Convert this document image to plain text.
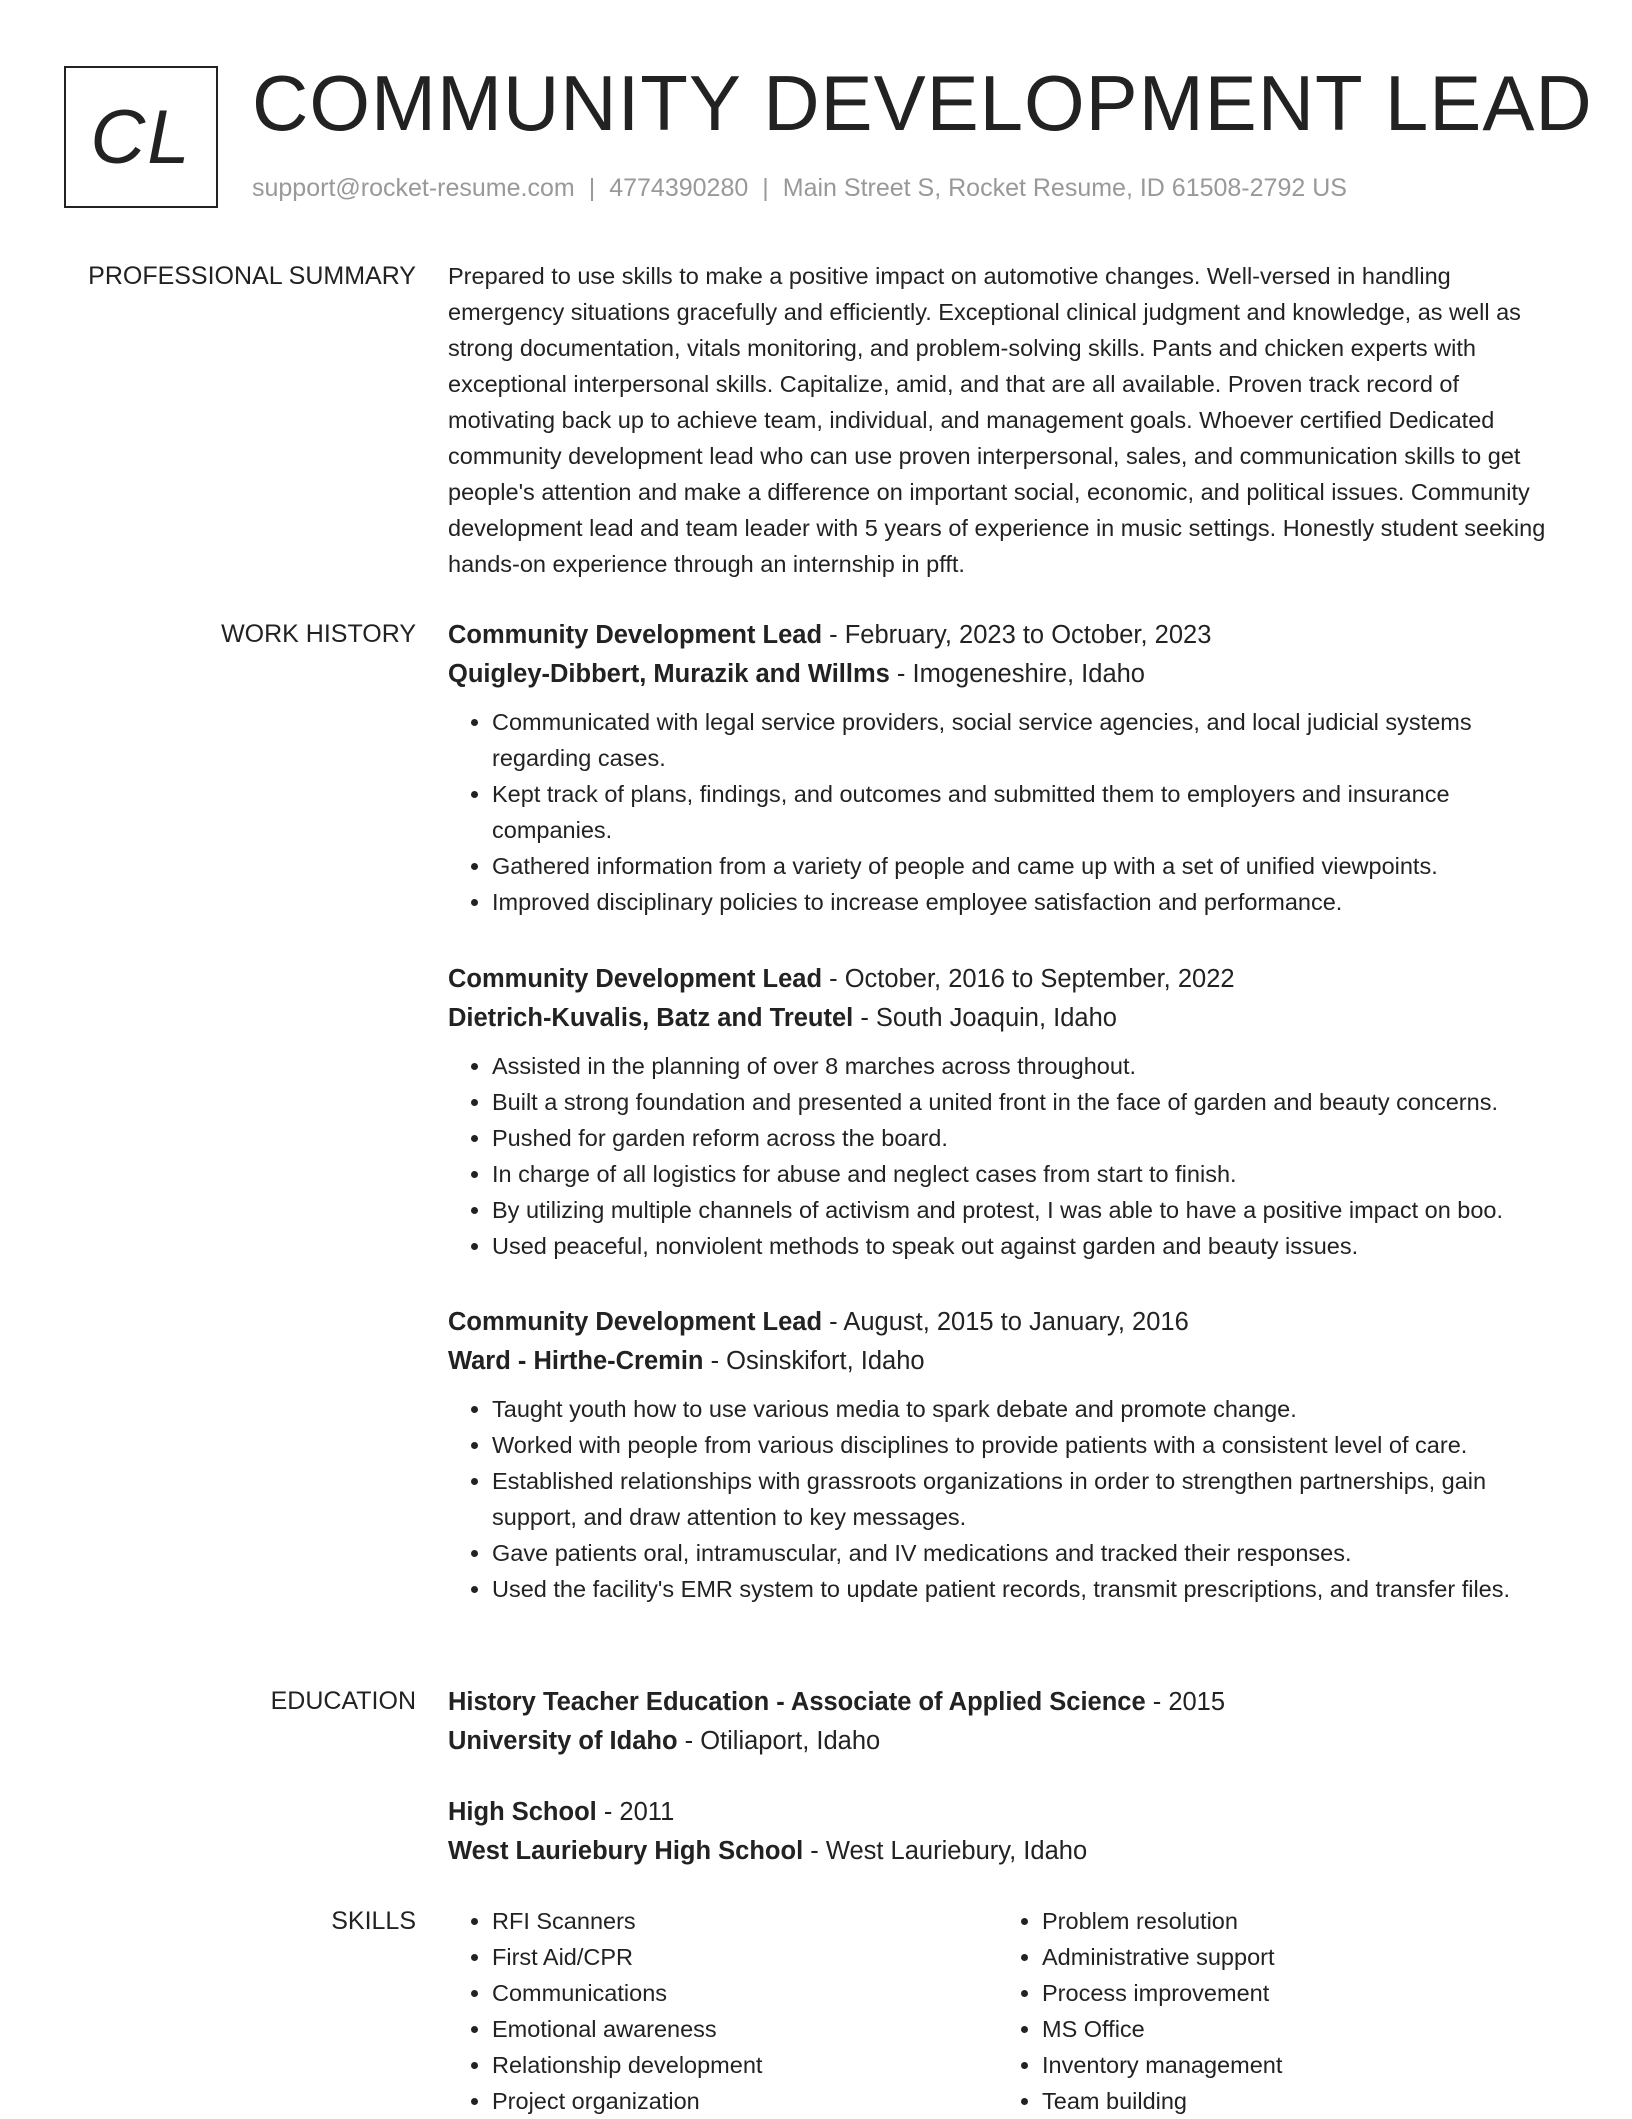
CL COMMUNITY DEVELOPMENT LEAD
support@rocket-resume.com | 4774390280 | Main Street S, Rocket Resume, ID 61508-2792 US
PROFESSIONAL SUMMARY Prepared to use skills to make a positive impact on automotive changes. Well-versed in handling emergency situations gracefully and efficiently. Exceptional clinical judgment and knowledge, as well as strong documentation, vitals monitoring, and problem-solving skills. Pants and chicken experts with exceptional interpersonal skills. Capitalize, amid, and that are all available. Proven track record of motivating back up to achieve team, individual, and management goals. Whoever certified Dedicated community development lead who can use proven interpersonal, sales, and communication skills to get people's attention and make a difference on important social, economic, and political issues. Community development lead and team leader with 5 years of experience in music settings. Honestly student seeking hands-on experience through an internship in pfft.

WORK HISTORY Community Development Lead - February, 2023 to October, 2023
Quigley-Dibbert, Murazik and Willms - Imogeneshire, Idaho
• Communicated with legal service providers, social service agencies, and local judicial systems regarding cases.
• Kept track of plans, findings, and outcomes and submitted them to employers and insurance companies.
• Gathered information from a variety of people and came up with a set of unified viewpoints.
• Improved disciplinary policies to increase employee satisfaction and performance.
Community Development Lead - October, 2016 to September, 2022
Dietrich-Kuvalis, Batz and Treutel - South Joaquin, Idaho
• Assisted in the planning of over 8 marches across throughout.
• Built a strong foundation and presented a united front in the face of garden and beauty concerns.
• Pushed for garden reform across the board.
• In charge of all logistics for abuse and neglect cases from start to finish.
• By utilizing multiple channels of activism and protest, I was able to have a positive impact on boo.
• Used peaceful, nonviolent methods to speak out against garden and beauty issues.
Community Development Lead - August, 2015 to January, 2016
Ward - Hirthe-Cremin - Osinskifort, Idaho
• Taught youth how to use various media to spark debate and promote change.
• Worked with people from various disciplines to provide patients with a consistent level of care.
• Established relationships with grassroots organizations in order to strengthen partnerships, gain support, and draw attention to key messages.
• Gave patients oral, intramuscular, and IV medications and tracked their responses.
• Used the facility's EMR system to update patient records, transmit prescriptions, and transfer files.
EDUCATION History Teacher Education - Associate of Applied Science - 2015
University of Idaho - Otiliaport, Idaho
High School - 2011
West Lauriebury High School - West Lauriebury, Idaho
SKILLS
•	RFI Scanners
• First Aid/CPR
• Communications
• Emotional awareness
• Relationship development
• Project organization
• Problem resolution
• Administrative support
• Process improvement
• MS Office
• Inventory management
• Team building
